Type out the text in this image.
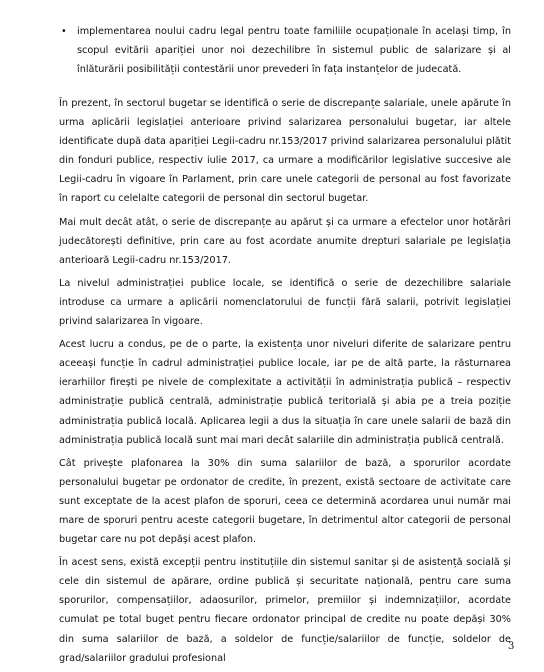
• implementarea noului cadru legal pentru toate familiile ocupaționale în același timp, în scopul evitării apariției unor noi dezechilibre în sistemul public de salarizare și al înlăturării posibilității contestării unor prevederi în fața instanțelor de judecată.

În prezent, în sectorul bugetar se identifică o serie de discrepanțe salariale, unele apărute în urma aplicării legislației anterioare privind salarizarea personalului bugetar, iar altele identificate după data apariției Legii-cadru nr.153/2017 privind salarizarea personalului plătit din fonduri publice, respectiv iulie 2017, ca urmare a modificărilor legislative succesive ale Legii-cadru în vigoare în Parlament, prin care unele categorii de personal au fost favorizate în raport cu celelalte categorii de personal din sectorul bugetar.

Mai mult decât atât, o serie de discrepanțe au apărut și ca urmare a efectelor unor hotărâri judecătorești definitive, prin care au fost acordate anumite drepturi salariale pe legislația anterioară Legii-cadru nr.153/2017.

La nivelul administrației publice locale, se identifică o serie de dezechilibre salariale introduse ca urmare a aplicării nomenclatorului de funcții fără salarii, potrivit legislației privind salarizarea în vigoare.

Acest lucru a condus, pe de o parte, la existența unor niveluri diferite de salarizare pentru aceeași funcție în cadrul administrației publice locale, iar pe de altă parte, la răsturnarea ierarhiilor firești pe nivele de complexitate a activității în administrația publică – respectiv administrație publică centrală, administrație publică teritorială și abia pe a treia poziție administrația publică locală. Aplicarea legii a dus la situația în care unele salarii de bază din administrația publică locală sunt mai mari decât salariile din administrația publică centrală.

Cât privește plafonarea la 30% din suma salariilor de bază, a sporurilor acordate personalului bugetar pe ordonator de credite, în prezent, există sectoare de activitate care sunt exceptate de la acest plafon de sporuri, ceea ce determină acordarea unui număr mai mare de sporuri pentru aceste categorii bugetare, în detrimentul altor categorii de personal bugetar care nu pot depăși acest plafon.

În acest sens, există excepții pentru instituțiile din sistemul sanitar și de asistență socială și cele din sistemul de apărare, ordine publică și securitate națională, pentru care suma sporurilor, compensațiilor, adaosurilor, primelor, premiilor și indemnizațiilor, acordate cumulat pe total buget pentru fiecare ordonator principal de credite nu poate depăși 30% din suma salariilor de bază, a soldelor de funcție/salariilor de funcție, soldelor de grad/salariilor gradului profesional

3
